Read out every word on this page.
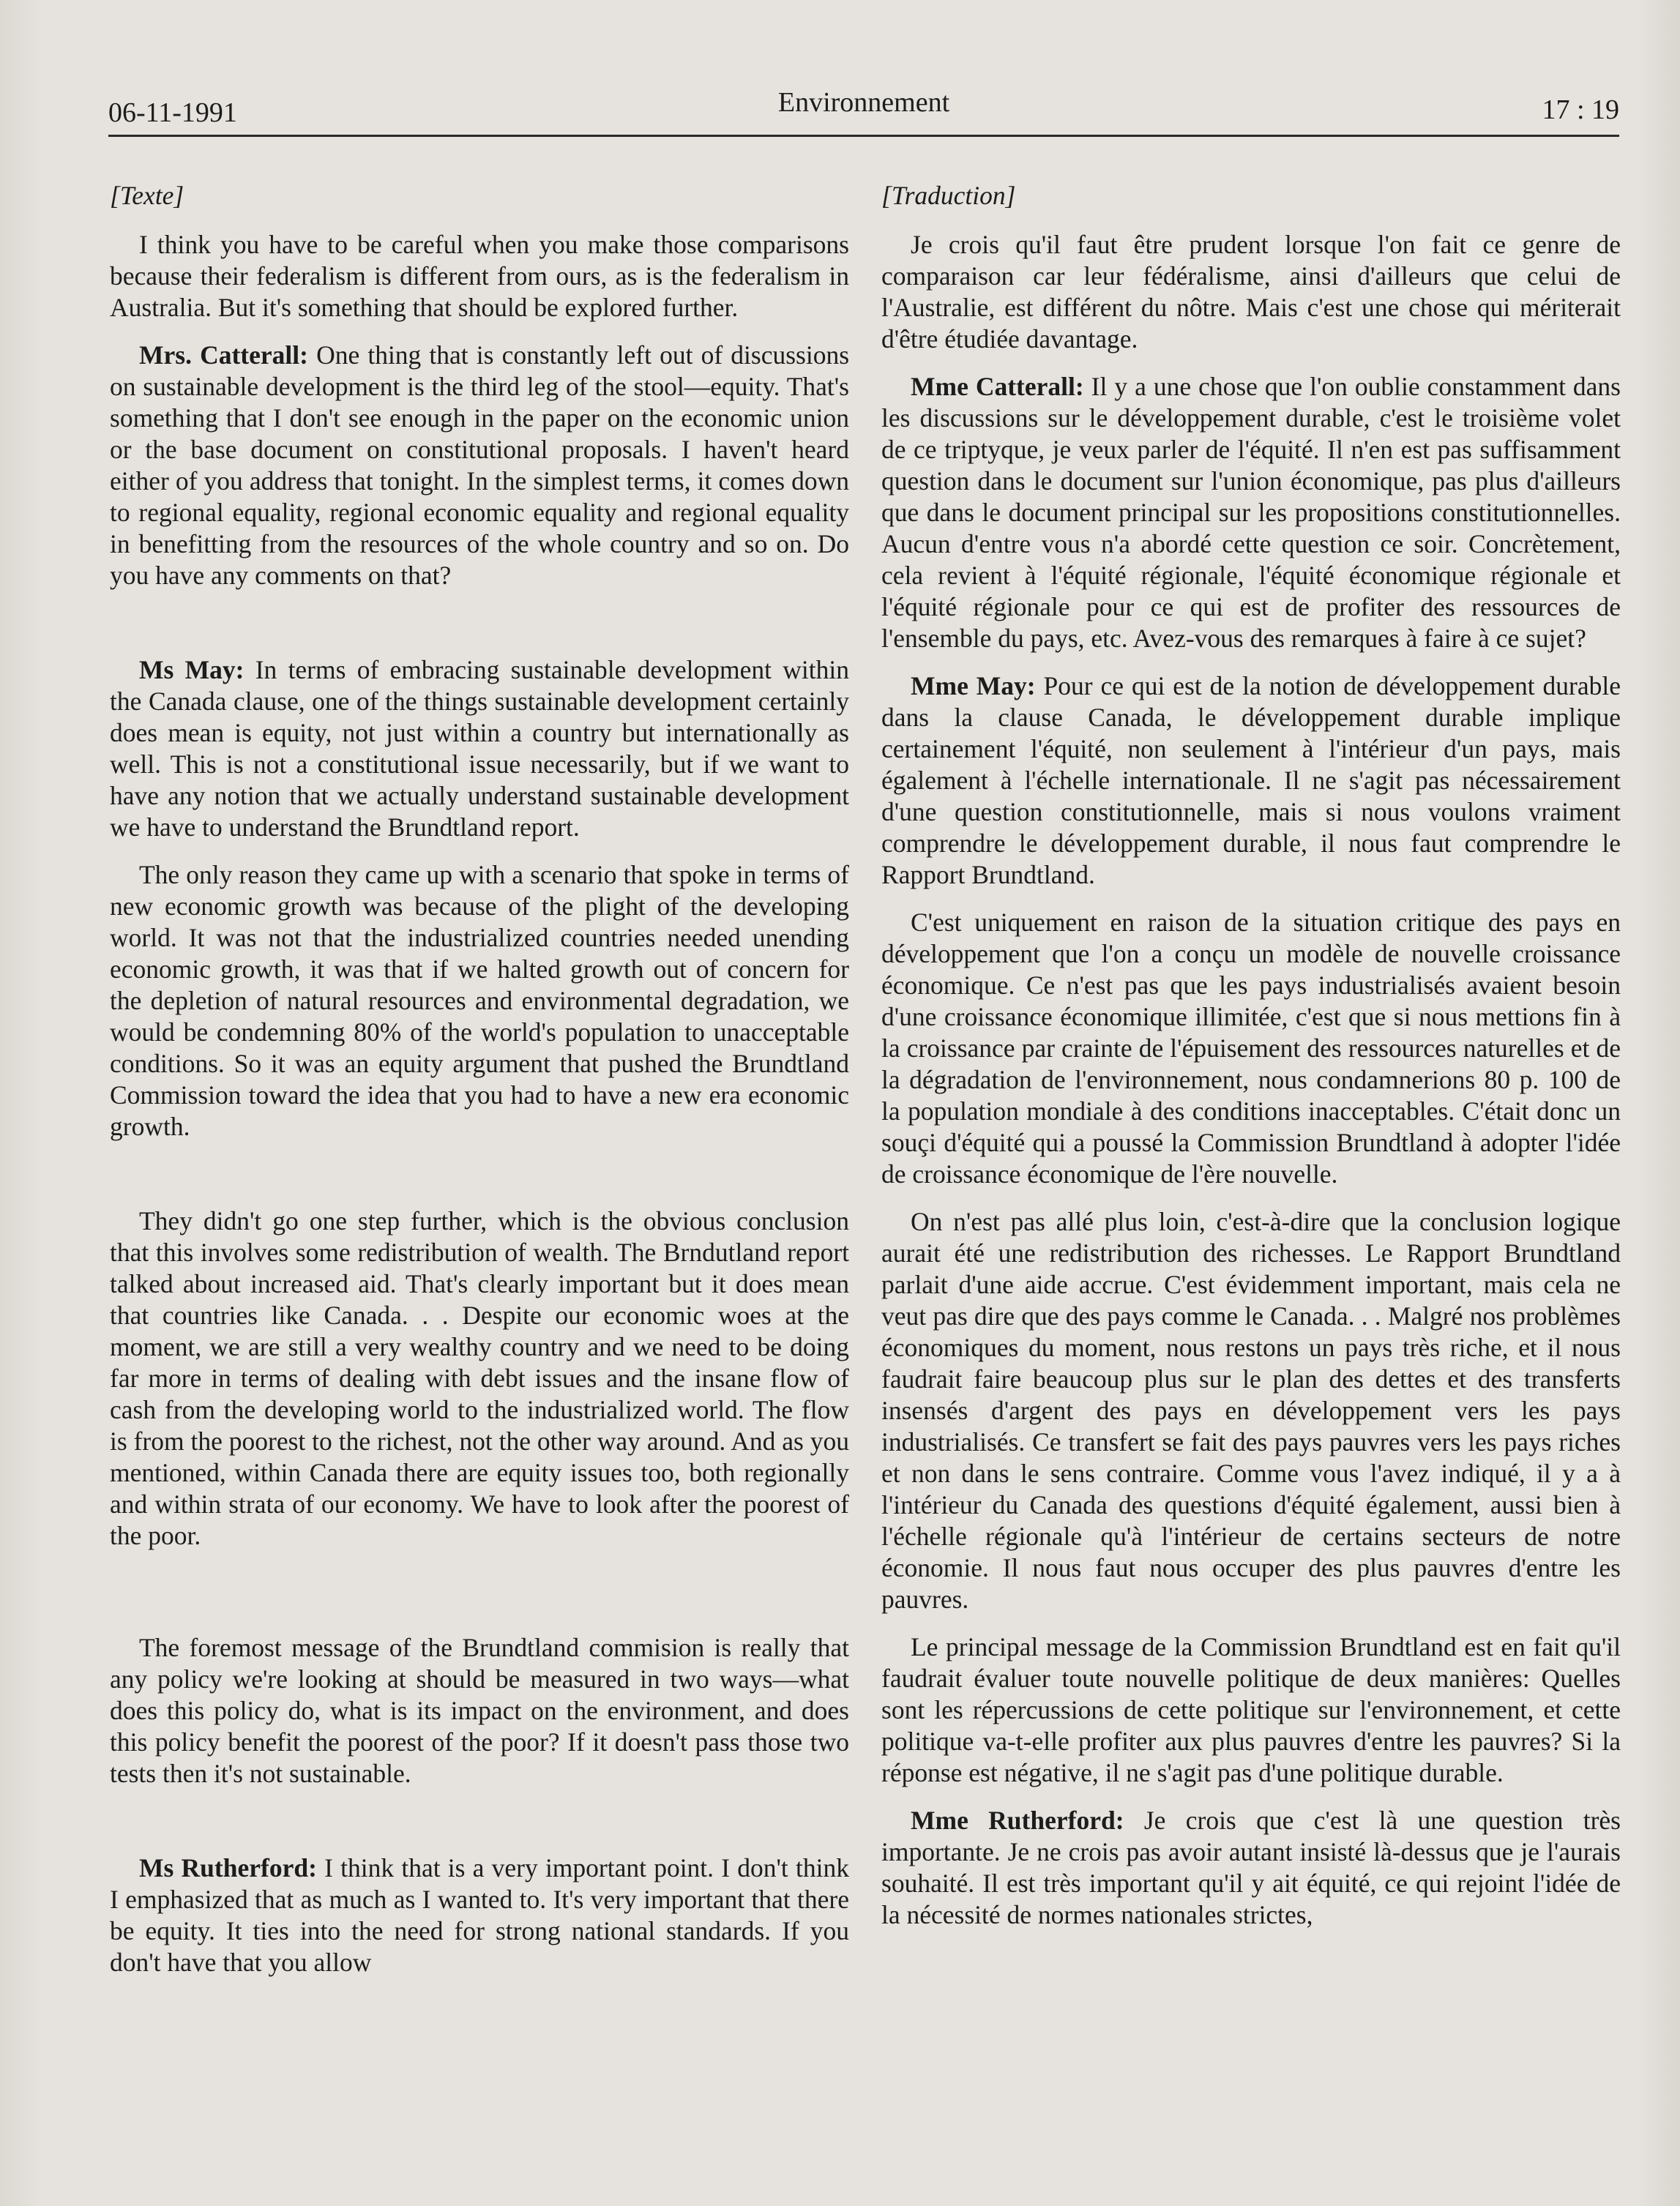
06-11-1991	Environnement	17 : 19
[Texte]

I think you have to be careful when you make those comparisons because their federalism is different from ours, as is the federalism in Australia. But it's something that should be explored further.

Mrs. Catterall: One thing that is constantly left out of discussions on sustainable development is the third leg of the stool—equity. That's something that I don't see enough in the paper on the economic union or the base document on constitutional proposals. I haven't heard either of you address that tonight. In the simplest terms, it comes down to regional equality, regional economic equality and regional equality in benefitting from the resources of the whole country and so on. Do you have any comments on that?

Ms May: In terms of embracing sustainable development within the Canada clause, one of the things sustainable development certainly does mean is equity, not just within a country but internationally as well. This is not a constitutional issue necessarily, but if we want to have any notion that we actually understand sustainable development we have to understand the Brundtland report.

The only reason they came up with a scenario that spoke in terms of new economic growth was because of the plight of the developing world. It was not that the industrialized countries needed unending economic growth, it was that if we halted growth out of concern for the depletion of natural resources and environmental degradation, we would be condemning 80% of the world's population to unacceptable conditions. So it was an equity argument that pushed the Brundtland Commission toward the idea that you had to have a new era economic growth.

They didn't go one step further, which is the obvious conclusion that this involves some redistribution of wealth. The Brndutland report talked about increased aid. That's clearly important but it does mean that countries like Canada. . . Despite our economic woes at the moment, we are still a very wealthy country and we need to be doing far more in terms of dealing with debt issues and the insane flow of cash from the developing world to the industrialized world. The flow is from the poorest to the richest, not the other way around. And as you mentioned, within Canada there are equity issues too, both regionally and within strata of our economy. We have to look after the poorest of the poor.

The foremost message of the Brundtland commision is really that any policy we're looking at should be measured in two ways—what does this policy do, what is its impact on the environment, and does this policy benefit the poorest of the poor? If it doesn't pass those two tests then it's not sustainable.

Ms Rutherford: I think that is a very important point. I don't think I emphasized that as much as I wanted to. It's very important that there be equity. It ties into the need for strong national standards. If you don't have that you allow

[Traduction]

Je crois qu'il faut être prudent lorsque l'on fait ce genre de comparaison car leur fédéralisme, ainsi d'ailleurs que celui de l'Australie, est différent du nôtre. Mais c'est une chose qui mériterait d'être étudiée davantage.

Mme Catterall: Il y a une chose que l'on oublie constamment dans les discussions sur le développement durable, c'est le troisième volet de ce triptyque, je veux parler de l'équité. Il n'en est pas suffisamment question dans le document sur l'union économique, pas plus d'ailleurs que dans le document principal sur les propositions constitutionnelles. Aucun d'entre vous n'a abordé cette question ce soir. Concrètement, cela revient à l'équité régionale, l'équité économique régionale et l'équité régionale pour ce qui est de profiter des ressources de l'ensemble du pays, etc. Avez-vous des remarques à faire à ce sujet?

Mme May: Pour ce qui est de la notion de développement durable dans la clause Canada, le développement durable implique certainement l'équité, non seulement à l'intérieur d'un pays, mais également à l'échelle internationale. Il ne s'agit pas nécessairement d'une question constitutionnelle, mais si nous voulons vraiment comprendre le développement durable, il nous faut comprendre le Rapport Brundtland.

C'est uniquement en raison de la situation critique des pays en développement que l'on a conçu un modèle de nouvelle croissance économique. Ce n'est pas que les pays industrialisés avaient besoin d'une croissance économique illimitée, c'est que si nous mettions fin à la croissance par crainte de l'épuisement des ressources naturelles et de la dégradation de l'environnement, nous condamnerions 80 p. 100 de la population mondiale à des conditions inacceptables. C'était donc un souçi d'équité qui a poussé la Commission Brundtland à adopter l'idée de croissance économique de l'ère nouvelle.

On n'est pas allé plus loin, c'est-à-dire que la conclusion logique aurait été une redistribution des richesses. Le Rapport Brundtland parlait d'une aide accrue. C'est évidemment important, mais cela ne veut pas dire que des pays comme le Canada. . . Malgré nos problèmes économiques du moment, nous restons un pays très riche, et il nous faudrait faire beaucoup plus sur le plan des dettes et des transferts insensés d'argent des pays en développement vers les pays industrialisés. Ce transfert se fait des pays pauvres vers les pays riches et non dans le sens contraire. Comme vous l'avez indiqué, il y a à l'intérieur du Canada des questions d'équité également, aussi bien à l'échelle régionale qu'à l'intérieur de certains secteurs de notre économie. Il nous faut nous occuper des plus pauvres d'entre les pauvres.

Le principal message de la Commission Brundtland est en fait qu'il faudrait évaluer toute nouvelle politique de deux manières: Quelles sont les répercussions de cette politique sur l'environnement, et cette politique va-t-elle profiter aux plus pauvres d'entre les pauvres? Si la réponse est négative, il ne s'agit pas d'une politique durable.

Mme Rutherford: Je crois que c'est là une question très importante. Je ne crois pas avoir autant insisté là-dessus que je l'aurais souhaité. Il est très important qu'il y ait équité, ce qui rejoint l'idée de la nécessité de normes nationales strictes,
